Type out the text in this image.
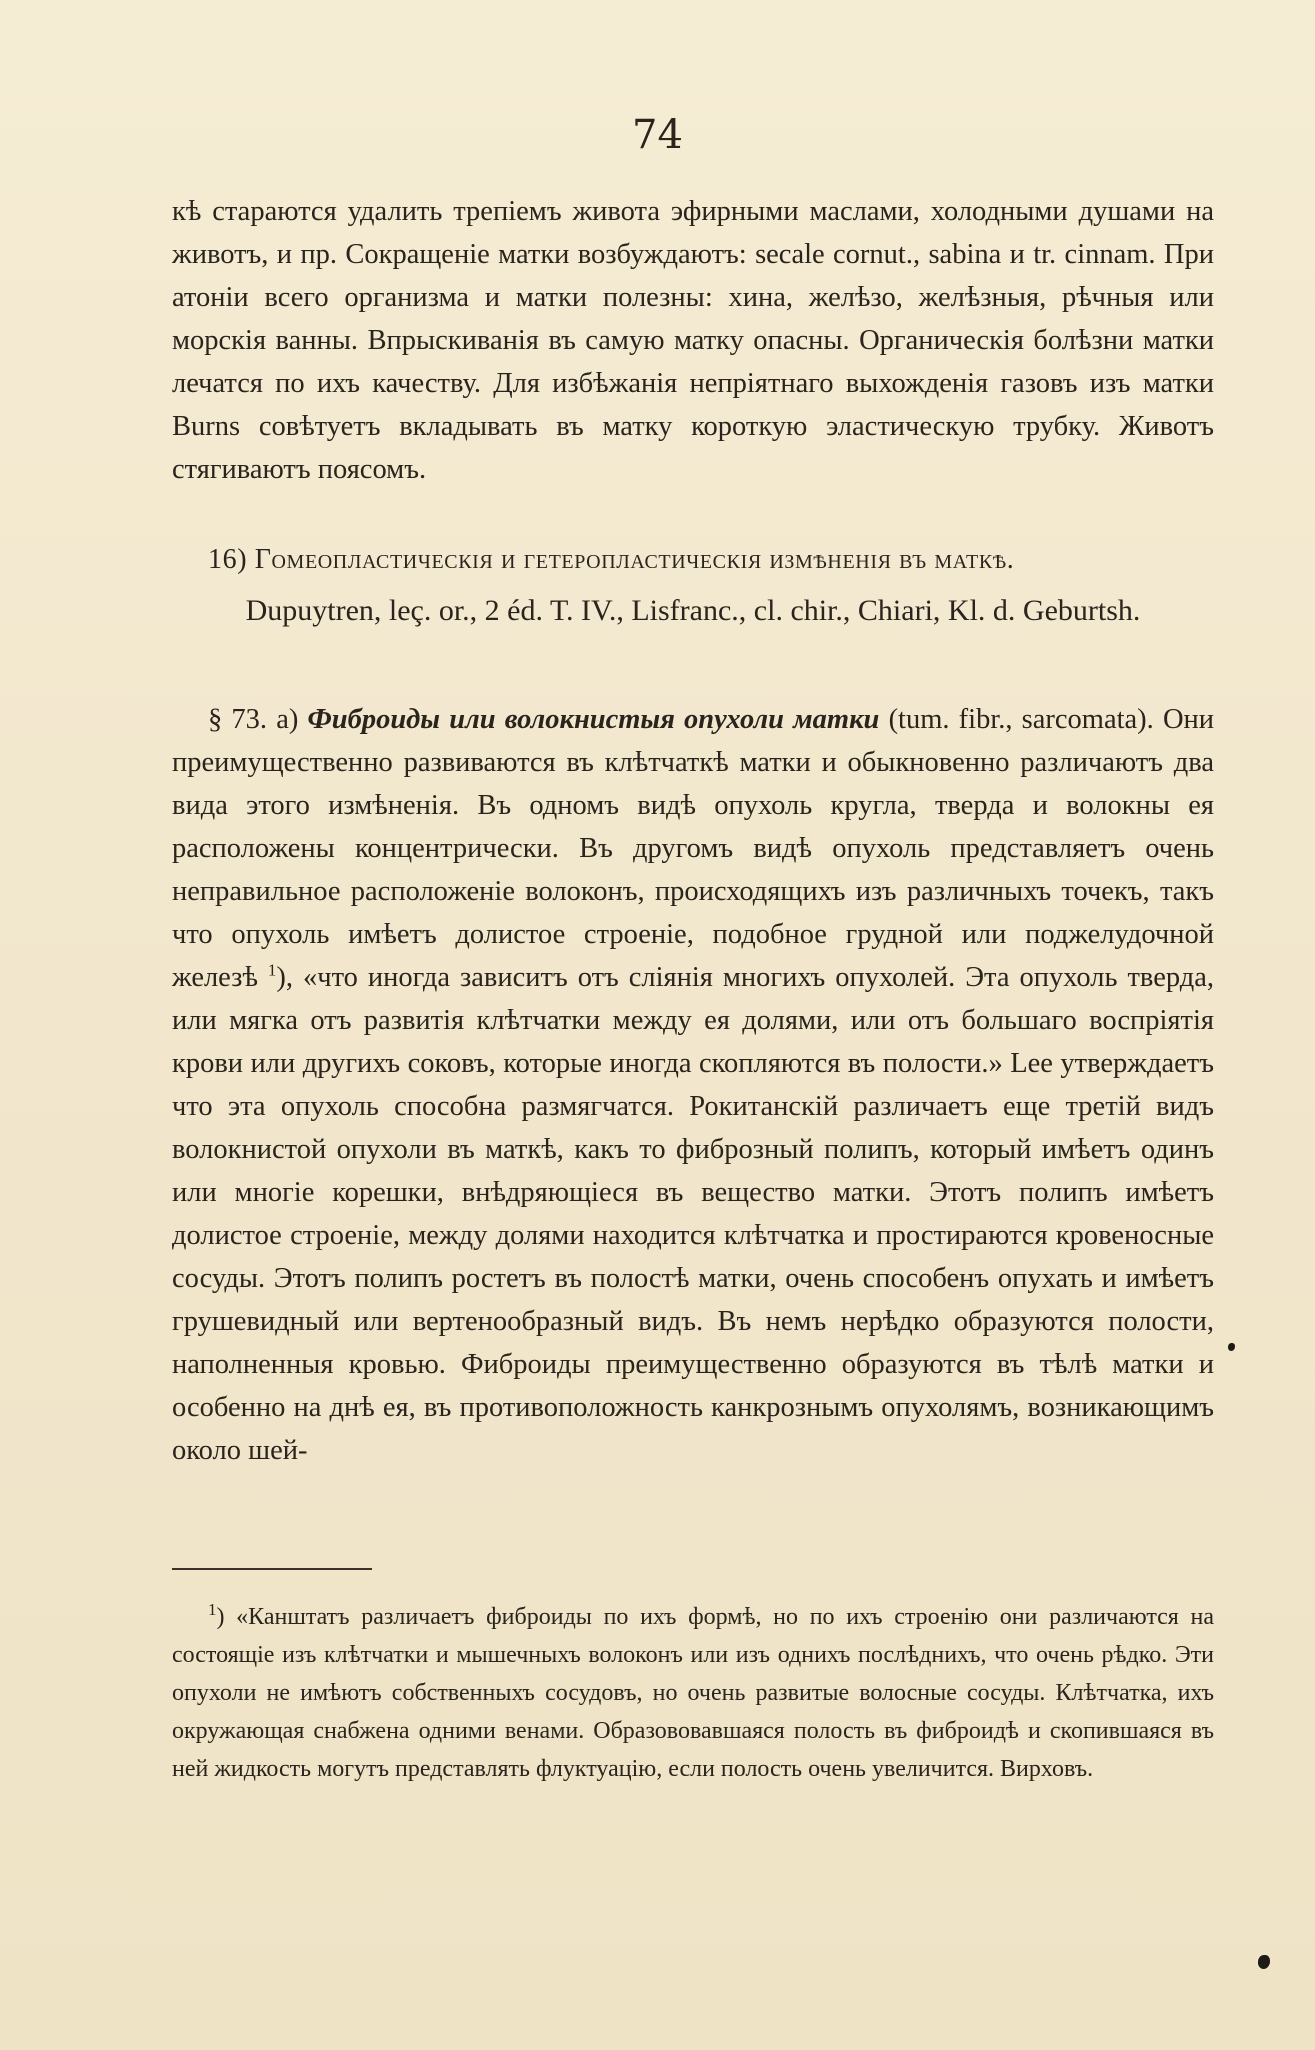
74

кѣ стараются удалить трепіемъ живота эфирными маслами, холодными душами на животъ, и пр. Сокращеніе матки возбуждаютъ: secale cornut., sabina и tr. cinnam. При атоніи всего организма и матки полезны: хина, желѣзо, желѣзныя, рѣчныя или морскія ванны. Впрыскиванія въ самую матку опасны. Органическія болѣзни матки лечатся по ихъ качеству. Для избѣжанія непріятнаго выхожденія газовъ изъ матки Burns совѣтуетъ вкладывать въ матку короткую эластическую трубку. Животъ стягиваютъ поясомъ.

16) Гомеопластическія и гетеропластическія измѣненія въ маткѣ.

Dupuytren, leç. or., 2 éd. T. IV., Lisfranc., cl. chir., Chiari, Kl. d. Geburtsh.

§ 73. а) Фиброиды или волокнистыя опухоли матки (tum. fibr., sarcomata). Они преимущественно развиваются въ клѣтчаткѣ матки и обыкновенно различаютъ два вида этого измѣненія. Въ одномъ видѣ опухоль кругла, тверда и волокны ея расположены концентрически. Въ другомъ видѣ опухоль представляетъ очень неправильное расположеніе волоконъ, происходящихъ изъ различныхъ точекъ, такъ что опухоль имѣетъ долистое строеніе, подобное грудной или поджелудочной железѣ $^1$), «что иногда зависитъ отъ сліянія многихъ опухолей. Эта опухоль тверда, или мягка отъ развитія клѣтчатки между ея долями, или отъ большаго воспріятія крови или другихъ соковъ, которые иногда скопляются въ полости.» Lee утверждаетъ что эта опухоль способна размягчатся. Рокитанскій различаетъ еще третій видъ волокнистой опухоли въ маткѣ, какъ то фиброзный полипъ, который имѣетъ одинъ или многіе корешки, внѣдряющіеся въ вещество матки. Этотъ полипъ имѣетъ долистое строеніе, между долями находится клѣтчатка и простираются кровеносные сосуды. Этотъ полипъ ростетъ въ полостѣ матки, очень способенъ опухать и имѣетъ грушевидный или вертенообразный видъ. Въ немъ нерѣдко образуются полости, наполненныя кровью. Фиброиды преимущественно образуются въ тѣлѣ матки и особенно на днѣ ея, въ противоположность канкрознымъ опухолямъ, возникающимъ около шей-

$^1$) «Канштатъ различаетъ фиброиды по ихъ формѣ, но по ихъ строенію они различаются на состоящіе изъ клѣтчатки и мышечныхъ волоконъ или изъ однихъ послѣднихъ, что очень рѣдко. Эти опухоли не имѣютъ собственныхъ сосудовъ, но очень развитые волосные сосуды. Клѣтчатка, ихъ окружающая снабжена одними венами. Образововавшаяся полость въ фиброидѣ и скопившаяся въ ней жидкость могутъ представлять флуктуацію, если полость очень увеличится. Вирховъ.
